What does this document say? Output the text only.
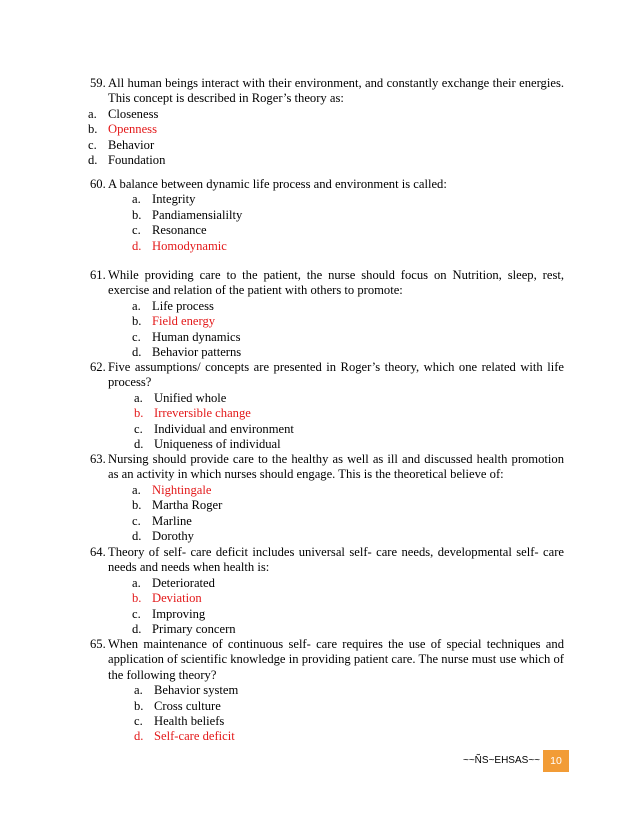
59. All human beings interact with their environment, and constantly exchange their energies. This concept is described in Roger’s theory as:
a. Closeness
b. Openness
c. Behavior
d. Foundation
60. A balance between dynamic life process and environment is called:
a. Integrity
b. Pandiamensialilty
c. Resonance
d. Homodynamic
61. While providing care to the patient, the nurse should focus on Nutrition, sleep, rest, exercise and relation of the patient with others to promote:
a. Life process
b. Field energy
c. Human dynamics
d. Behavior patterns
62. Five assumptions/ concepts are presented in Roger’s theory, which one related with life process?
a. Unified whole
b. Irreversible change
c. Individual and environment
d. Uniqueness of individual
63. Nursing should provide care to the healthy as well as ill and discussed health promotion as an activity in which nurses should engage. This is the theoretical believe of:
a. Nightingale
b. Martha Roger
c. Marline
d. Dorothy
64. Theory of self- care deficit includes universal self- care needs, developmental self- care needs and needs when health is:
a. Deteriorated
b. Deviation
c. Improving
d. Primary concern
65. When maintenance of continuous self- care requires the use of special techniques and application of scientific knowledge in providing patient care. The nurse must use which of the following theory?
a. Behavior system
b. Cross culture
c. Health beliefs
d. Self-care deficit
~~ÑS~EHSAS~~ 10
